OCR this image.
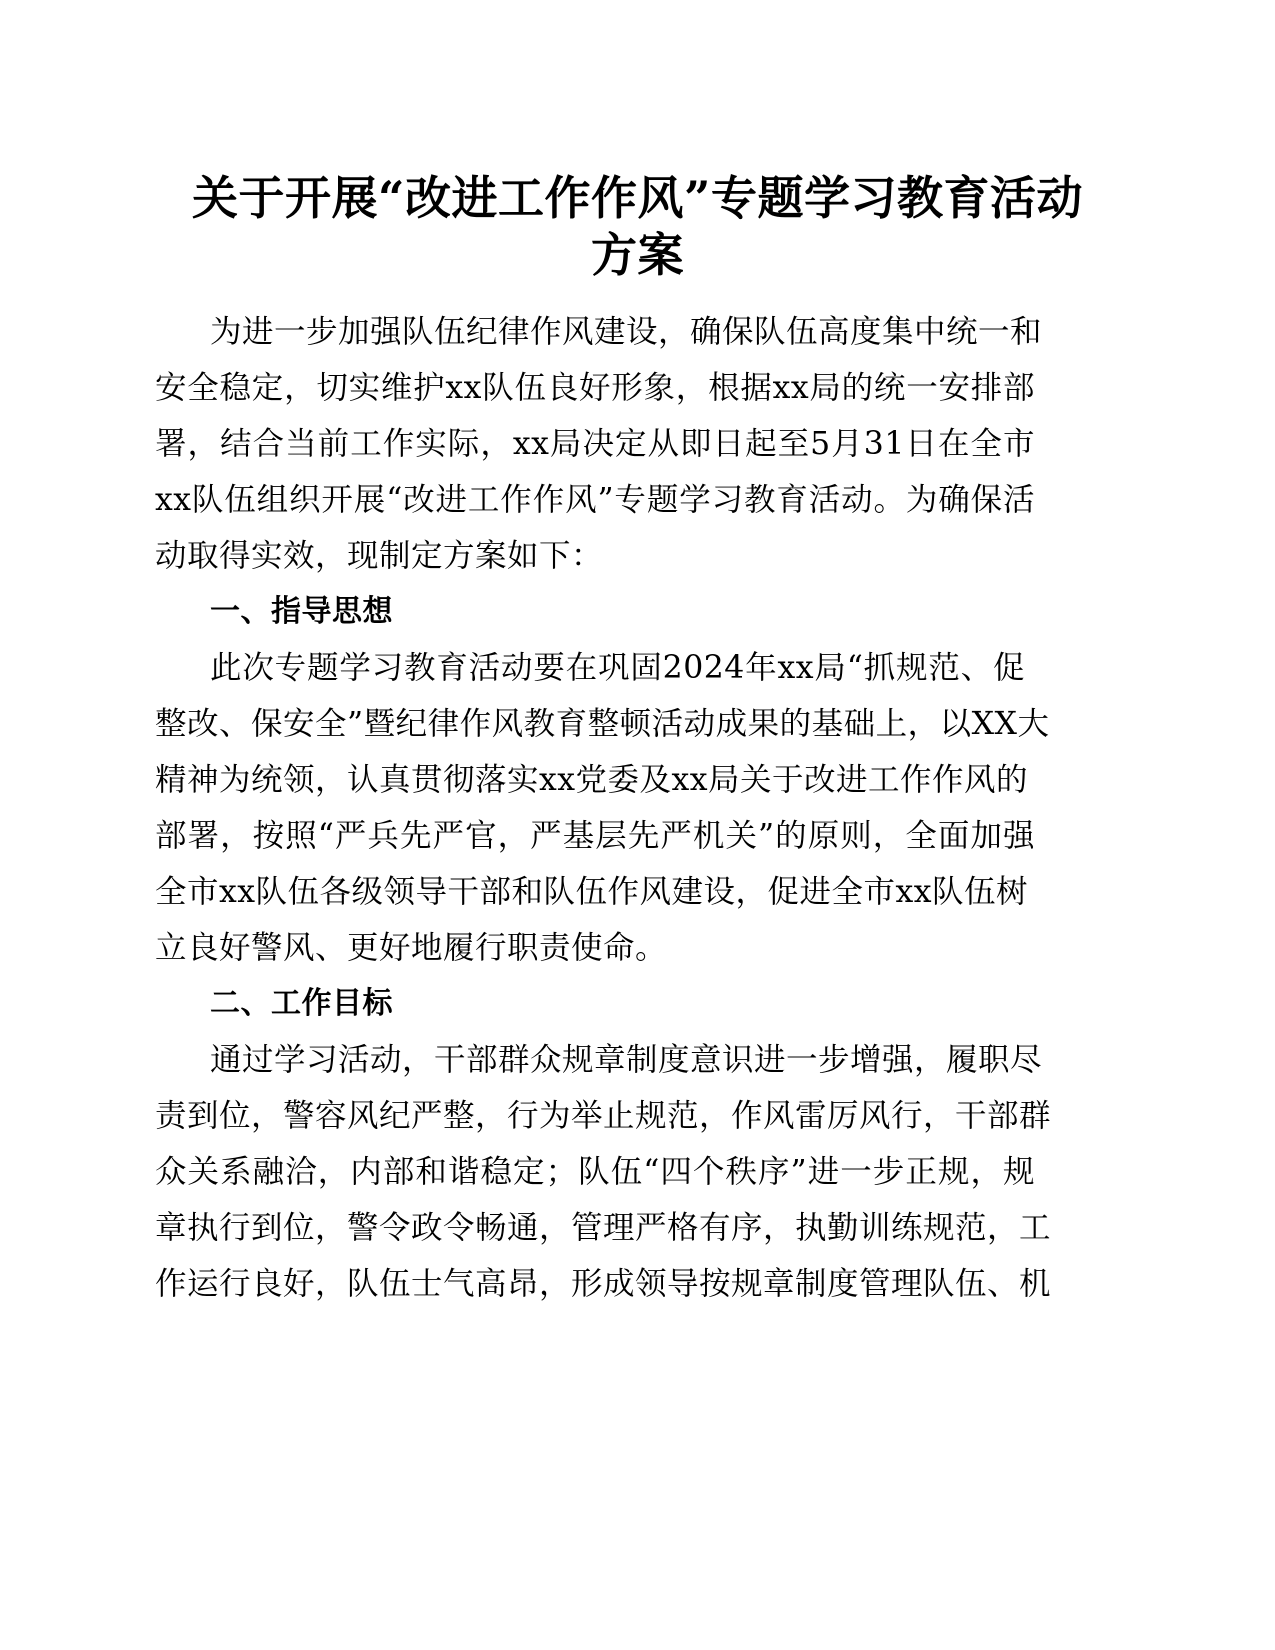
关于开展“改进工作作风”专题学习教育活动
方案

为进一步加强队伍纪律作风建设，确保队伍高度集中统一和

安全稳定，切实维护xx队伍良好形象，根据xx局的统一安排部

署，结合当前工作实际，xx局决定从即日起至5月31日在全市

xx队伍组织开展“改进工作作风”专题学习教育活动。为确保活

动取得实效，现制定方案如下：

一、指导思想

此次专题学习教育活动要在巩固2024年xx局“抓规范、促

整改、保安全”暨纪律作风教育整顿活动成果的基础上，以XX大

精神为统领，认真贯彻落实xx党委及xx局关于改进工作作风的

部署，按照“严兵先严官，严基层先严机关”的原则，全面加强

全市xx队伍各级领导干部和队伍作风建设，促进全市xx队伍树

立良好警风、更好地履行职责使命。

二、工作目标

通过学习活动，干部群众规章制度意识进一步增强，履职尽

责到位，警容风纪严整，行为举止规范，作风雷厉风行，干部群

众关系融洽，内部和谐稳定；队伍“四个秩序”进一步正规，规

章执行到位，警令政令畅通，管理严格有序，执勤训练规范，工

作运行良好，队伍士气高昂，形成领导按规章制度管理队伍、机
